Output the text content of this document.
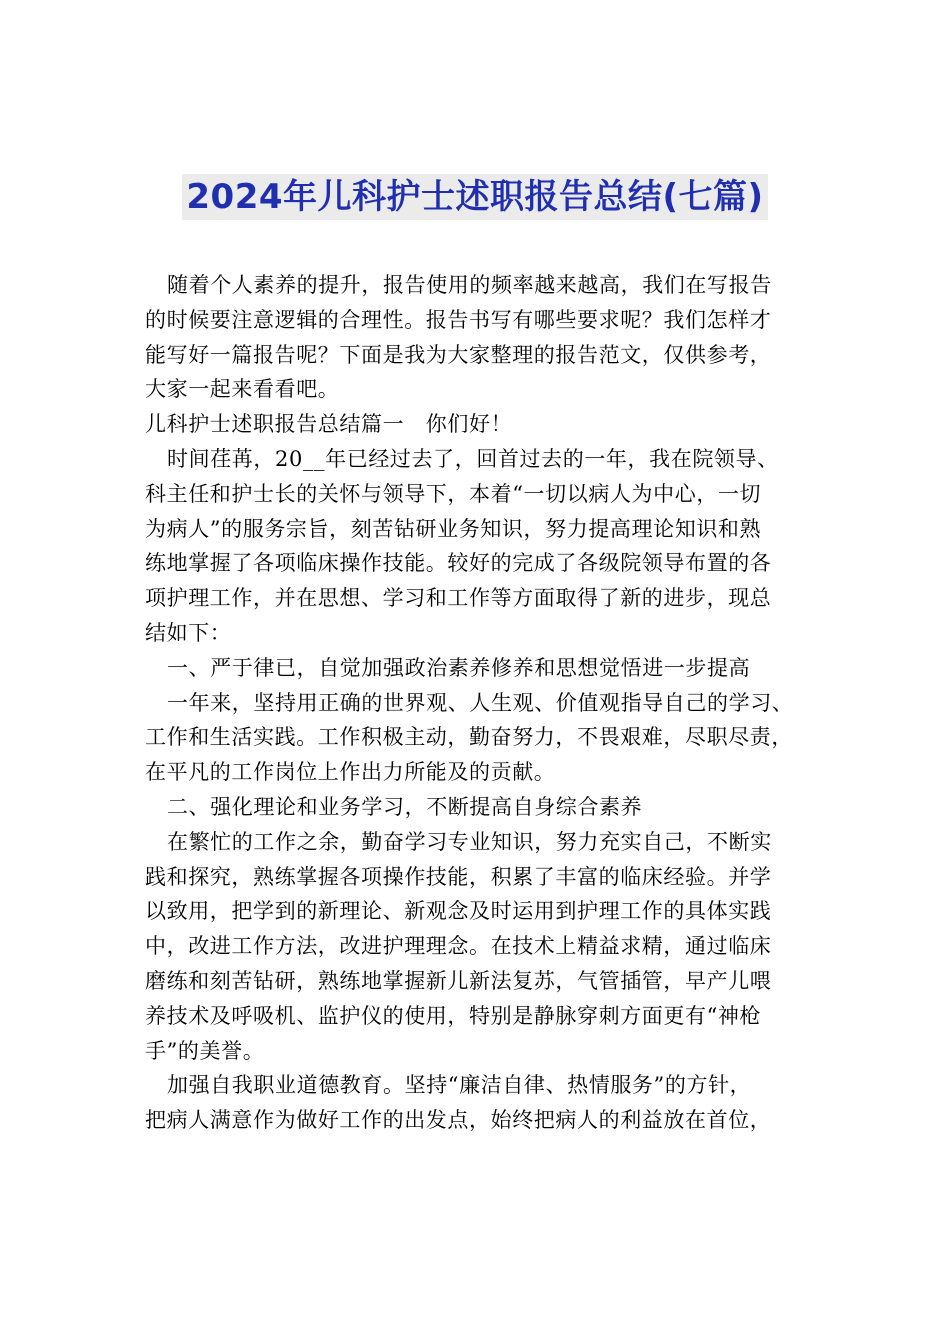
2024年儿科护士述职报告总结(七篇)
随着个人素养的提升，报告使用的频率越来越高，我们在写报告
的时候要注意逻辑的合理性。报告书写有哪些要求呢？我们怎样才
能写好一篇报告呢？下面是我为大家整理的报告范文，仅供参考，
大家一起来看看吧。
儿科护士述职报告总结篇一　你们好！
时间荏苒，20__年已经过去了，回首过去的一年，我在院领导、
科主任和护士长的关怀与领导下，本着“一切以病人为中心，一切
为病人”的服务宗旨，刻苦钻研业务知识，努力提高理论知识和熟
练地掌握了各项临床操作技能。较好的完成了各级院领导布置的各
项护理工作，并在思想、学习和工作等方面取得了新的进步，现总
结如下：
一、严于律已，自觉加强政治素养修养和思想觉悟进一步提高
一年来，坚持用正确的世界观、人生观、价值观指导自己的学习、
工作和生活实践。工作积极主动，勤奋努力，不畏艰难，尽职尽责，
在平凡的工作岗位上作出力所能及的贡献。
二、强化理论和业务学习，不断提高自身综合素养
在繁忙的工作之余，勤奋学习专业知识，努力充实自己，不断实
践和探究，熟练掌握各项操作技能，积累了丰富的临床经验。并学
以致用，把学到的新理论、新观念及时运用到护理工作的具体实践
中，改进工作方法，改进护理理念。在技术上精益求精，通过临床
磨练和刻苦钻研，熟练地掌握新儿新法复苏，气管插管，早产儿喂
养技术及呼吸机、监护仪的使用，特别是静脉穿刺方面更有“神枪
手”的美誉。
加强自我职业道德教育。坚持“廉洁自律、热情服务”的方针，
把病人满意作为做好工作的出发点，始终把病人的利益放在首位，
